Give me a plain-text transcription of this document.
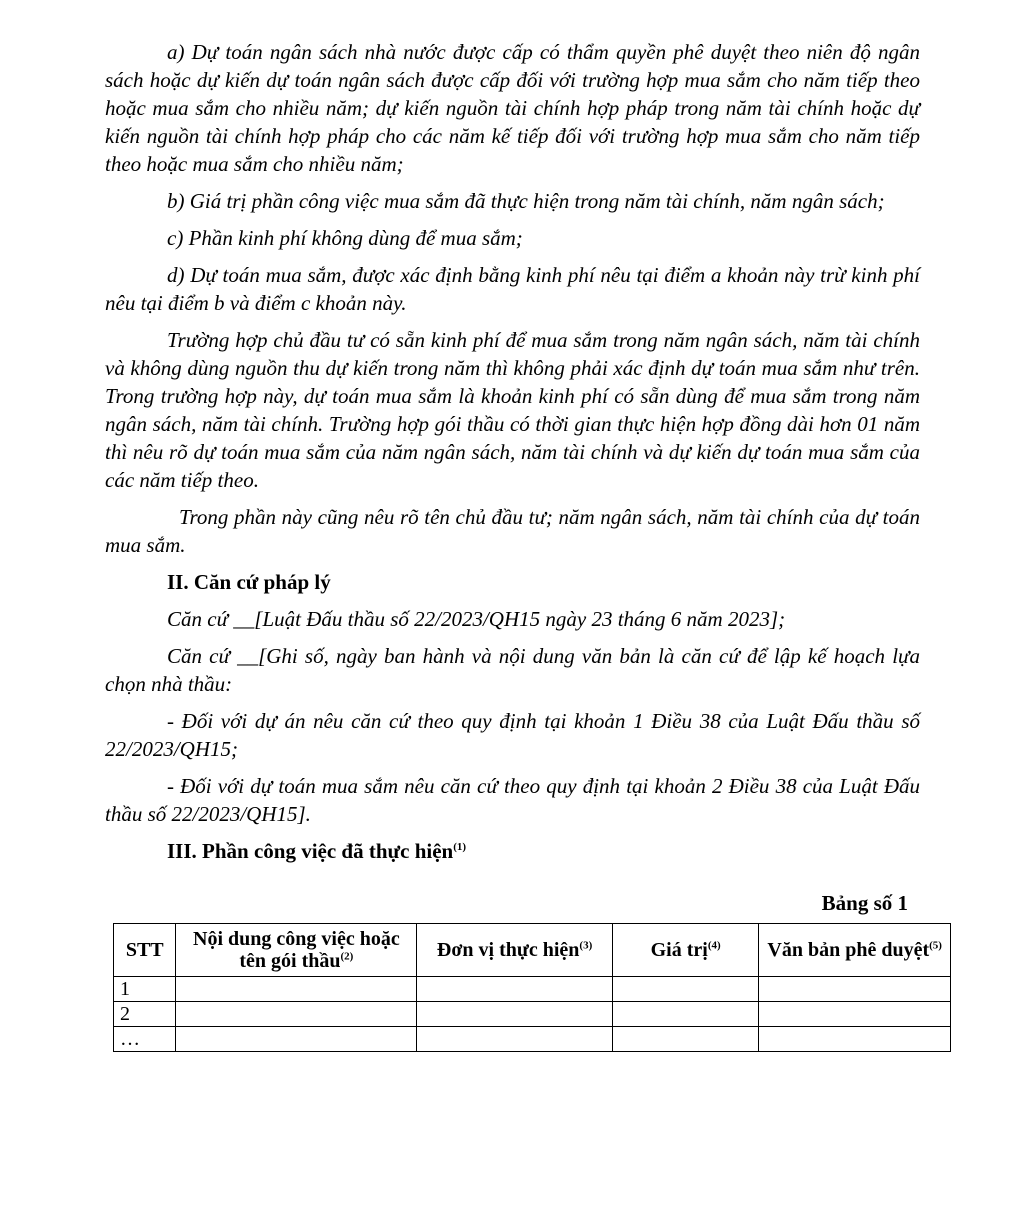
a) Dự toán ngân sách nhà nước được cấp có thẩm quyền phê duyệt theo niên độ ngân sách hoặc dự kiến dự toán ngân sách được cấp đối với trường hợp mua sắm cho năm tiếp theo hoặc mua sắm cho nhiều năm; dự kiến nguồn tài chính hợp pháp trong năm tài chính hoặc dự kiến nguồn tài chính hợp pháp cho các năm kế tiếp đối với trường hợp mua sắm cho năm tiếp theo hoặc mua sắm cho nhiều năm;

b) Giá trị phần công việc mua sắm đã thực hiện trong năm tài chính, năm ngân sách;

c) Phần kinh phí không dùng để mua sắm;

d) Dự toán mua sắm, được xác định bằng kinh phí nêu tại điểm a khoản này trừ kinh phí nêu tại điểm b và điểm c khoản này.

Trường hợp chủ đầu tư có sẵn kinh phí để mua sắm trong năm ngân sách, năm tài chính và không dùng nguồn thu dự kiến trong năm thì không phải xác định dự toán mua sắm như trên. Trong trường hợp này, dự toán mua sắm là khoản kinh phí có sẵn dùng để mua sắm trong năm ngân sách, năm tài chính. Trường hợp gói thầu có thời gian thực hiện hợp đồng dài hơn 01 năm thì nêu rõ dự toán mua sắm của năm ngân sách, năm tài chính và dự kiến dự toán mua sắm của các năm tiếp theo.

Trong phần này cũng nêu rõ tên chủ đầu tư; năm ngân sách, năm tài chính của dự toán mua sắm.

II. Căn cứ pháp lý

Căn cứ __[Luật Đấu thầu số 22/2023/QH15 ngày 23 tháng 6 năm 2023];

Căn cứ __[Ghi số, ngày ban hành và nội dung văn bản là căn cứ để lập kế hoạch lựa chọn nhà thầu:

- Đối với dự án nêu căn cứ theo quy định tại khoản 1 Điều 38 của Luật Đấu thầu số 22/2023/QH15;

- Đối với dự toán mua sắm nêu căn cứ theo quy định tại khoản 2 Điều 38 của Luật Đấu thầu số 22/2023/QH15].

III. Phần công việc đã thực hiện$^{(1)}$

Bảng số 1

STT	Nội dung công việc hoặc tên gói thầu$^{(2)}$	Đơn vị thực hiện$^{(3)}$	Giá trị$^{(4)}$	Văn bản phê duyệt$^{(5)}$
1				
2				
…				
